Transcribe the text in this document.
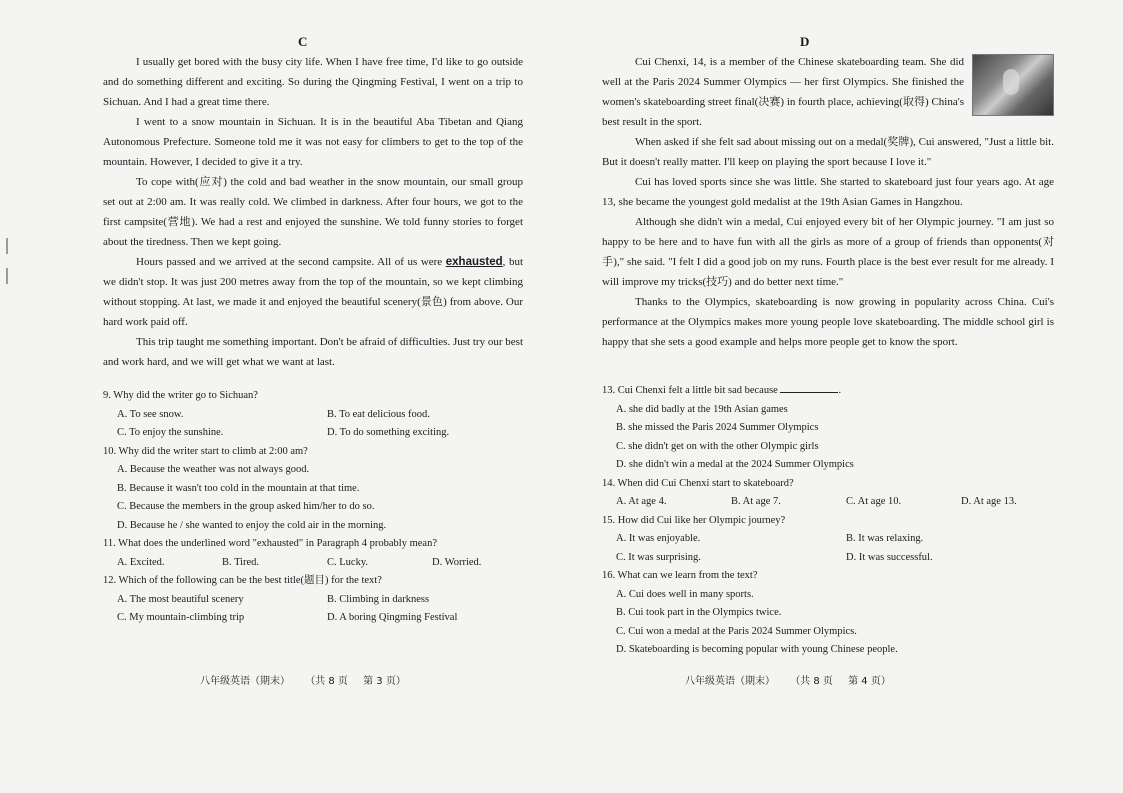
C

I usually get bored with the busy city life. When I have free time, I'd like to go outside and do something different and exciting. So during the Qingming Festival, I went on a trip to Sichuan. And I had a great time there.

I went to a snow mountain in Sichuan. It is in the beautiful Aba Tibetan and Qiang Autonomous Prefecture. Someone told me it was not easy for climbers to get to the top of the mountain. However, I decided to give it a try.

To cope with(应对) the cold and bad weather in the snow mountain, our small group set out at 2:00 am. It was really cold. We climbed in darkness. After four hours, we got to the first campsite(营地). We had a rest and enjoyed the sunshine. We told funny stories to forget about the tiredness. Then we kept going.

Hours passed and we arrived at the second campsite. All of us were exhausted, but we didn't stop. It was just 200 metres away from the top of the mountain, so we kept climbing without stopping. At last, we made it and enjoyed the beautiful scenery(景色) from above. Our hard work paid off.

This trip taught me something important. Don't be afraid of difficulties. Just try our best and work hard, and we will get what we want at last.

9. Why did the writer go to Sichuan?
A. To see snow.	B. To eat delicious food.
C. To enjoy the sunshine.	D. To do something exciting.
10. Why did the writer start to climb at 2:00 am?
A. Because the weather was not always good.
B. Because it wasn't too cold in the mountain at that time.
C. Because the members in the group asked him/her to do so.
D. Because he / she wanted to enjoy the cold air in the morning.
11. What does the underlined word "exhausted" in Paragraph 4 probably mean?
A. Excited.	B. Tired.	C. Lucky.	D. Worried.
12. Which of the following can be the best title(题目) for the text?
A. The most beautiful scenery	B. Climbing in darkness
C. My mountain-climbing trip	D. A boring Qingming Festival
八年级英语（期末） （共 8 页 第 3 页）
D

Cui Chenxi, 14, is a member of the Chinese skateboarding team. She did well at the Paris 2024 Summer Olympics — her first Olympics. She finished the women's skateboarding street final(决赛) in fourth place, achieving(取得) China's best result in the sport.

When asked if she felt sad about missing out on a medal(奖牌), Cui answered, "Just a little bit. But it doesn't really matter. I'll keep on playing the sport because I love it."

Cui has loved sports since she was little. She started to skateboard just four years ago. At age 13, she became the youngest gold medalist at the 19th Asian Games in Hangzhou.

Although she didn't win a medal, Cui enjoyed every bit of her Olympic journey. "I am just so happy to be here and to have fun with all the girls as more of a group of friends than opponents(对手)," she said. "I felt I did a good job on my runs. Fourth place is the best ever result for me already. I will improve my tricks(技巧) and do better next time."

Thanks to the Olympics, skateboarding is now growing in popularity across China. Cui's performance at the Olympics makes more young people love skateboarding. The middle school girl is happy that she sets a good example and helps more people get to know the sport.

13. Cui Chenxi felt a little bit sad because	.
A. she did badly at the 19th Asian games
B. she missed the Paris 2024 Summer Olympics
C. she didn't get on with the other Olympic girls
D. she didn't win a medal at the 2024 Summer Olympics
14. When did Cui Chenxi start to skateboard?
A. At age 4.	B. At age 7.	C. At age 10.	D. At age 13.
15. How did Cui like her Olympic journey?
A. It was enjoyable.	B. It was relaxing.
C. It was surprising.	D. It was successful.
16. What can we learn from the text?
A. Cui does well in many sports.
B. Cui took part in the Olympics twice.
C. Cui won a medal at the Paris 2024 Summer Olympics.
D. Skateboarding is becoming popular with young Chinese people.
八年级英语（期末） （共 8 页 第 4 页）
